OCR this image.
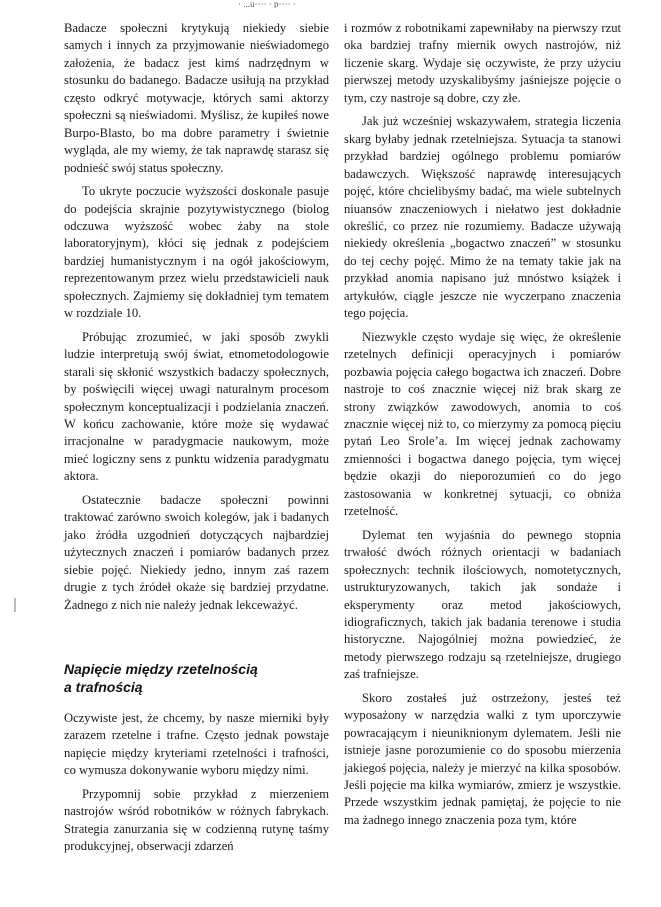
· ...u···· · p···· ·

Badacze społeczni krytykują niekiedy siebie samych i innych za przyjmowanie nieświadomego założenia, że badacz jest kimś nadrzędnym w stosunku do badanego. Badacze usiłują na przykład często odkryć motywacje, których sami aktorzy społeczni są nieświadomi. Myślisz, że kupiłeś nowe Burpo-Blasto, bo ma dobre parametry i świetnie wygląda, ale my wiemy, że tak naprawdę starasz się podnieść swój status społeczny.

To ukryte poczucie wyższości doskonale pasuje do podejścia skrajnie pozytywistycznego (biolog odczuwa wyższość wobec żaby na stole laboratoryjnym), kłóci się jednak z podejściem bardziej humanistycznym i na ogół jakościowym, reprezentowanym przez wielu przedstawicieli nauk społecznych. Zajmiemy się dokładniej tym tematem w rozdziale 10.

Próbując zrozumieć, w jaki sposób zwykli ludzie interpretują swój świat, etnometodologowie starali się skłonić wszystkich badaczy społecznych, by poświęcili więcej uwagi naturalnym procesom społecznym konceptualizacji i podzielania znaczeń. W końcu zachowanie, które może się wydawać irracjonalne w paradygmacie naukowym, może mieć logiczny sens z punktu widzenia paradygmatu aktora.

Ostatecznie badacze społeczni powinni traktować zarówno swoich kolegów, jak i badanych jako źródła uzgodnień dotyczących najbardziej użytecznych znaczeń i pomiarów badanych przez siebie pojęć. Niekiedy jedno, innym zaś razem drugie z tych źródeł okaże się bardziej przydatne. Żadnego z nich nie należy jednak lekceważyć.

Napięcie między rzetelnością
a trafnością

Oczywiste jest, że chcemy, by nasze mierniki były zarazem rzetelne i trafne. Często jednak powstaje napięcie między kryteriami rzetelności i trafności, co wymusza dokonywanie wyboru między nimi.

Przypomnij sobie przykład z mierzeniem nastrojów wśród robotników w różnych fabrykach. Strategia zanurzania się w codzienną rutynę taśmy produkcyjnej, obserwacji zdarzeń

i rozmów z robotnikami zapewniłaby na pierwszy rzut oka bardziej trafny miernik owych nastrojów, niż liczenie skarg. Wydaje się oczywiste, że przy użyciu pierwszej metody uzyskalibyśmy jaśniejsze pojęcie o tym, czy nastroje są dobre, czy złe.

Jak już wcześniej wskazywałem, strategia liczenia skarg byłaby jednak rzetelniejsza. Sytuacja ta stanowi przykład bardziej ogólnego problemu pomiarów badawczych. Większość naprawdę interesujących pojęć, które chcielibyśmy badać, ma wiele subtelnych niuansów znaczeniowych i niełatwo jest dokładnie określić, co przez nie rozumiemy. Badacze używają niekiedy określenia „bogactwo znaczeń” w stosunku do tej cechy pojęć. Mimo że na tematy takie jak na przykład anomia napisano już mnóstwo książek i artykułów, ciągle jeszcze nie wyczerpano znaczenia tego pojęcia.

Niezwykle często wydaje się więc, że określenie rzetelnych definicji operacyjnych i pomiarów pozbawia pojęcia całego bogactwa ich znaczeń. Dobre nastroje to coś znacznie więcej niż brak skarg ze strony związków zawodowych, anomia to coś znacznie więcej niż to, co mierzymy za pomocą pięciu pytań Leo Srole’a. Im więcej jednak zachowamy zmienności i bogactwa danego pojęcia, tym więcej będzie okazji do nieporozumień co do jego zastosowania w konkretnej sytuacji, co obniża rzetelność.

Dylemat ten wyjaśnia do pewnego stopnia trwałość dwóch różnych orientacji w badaniach społecznych: technik ilościowych, nomotetycznych, ustrukturyzowanych, takich jak sondaże i eksperymenty oraz metod jakościowych, idiograficznych, takich jak badania terenowe i studia historyczne. Najogólniej można powiedzieć, że metody pierwszego rodzaju są rzetelniejsze, drugiego zaś trafniejsze.

Skoro zostałeś już ostrzeżony, jesteś też wyposażony w narzędzia walki z tym uporczywie powracającym i nieuniknionym dylematem. Jeśli nie istnieje jasne porozumienie co do sposobu mierzenia jakiegoś pojęcia, należy je mierzyć na kilka sposobów. Jeśli pojęcie ma kilka wymiarów, zmierz je wszystkie. Przede wszystkim jednak pamiętaj, że pojęcie to nie ma żadnego innego znaczenia poza tym, które
